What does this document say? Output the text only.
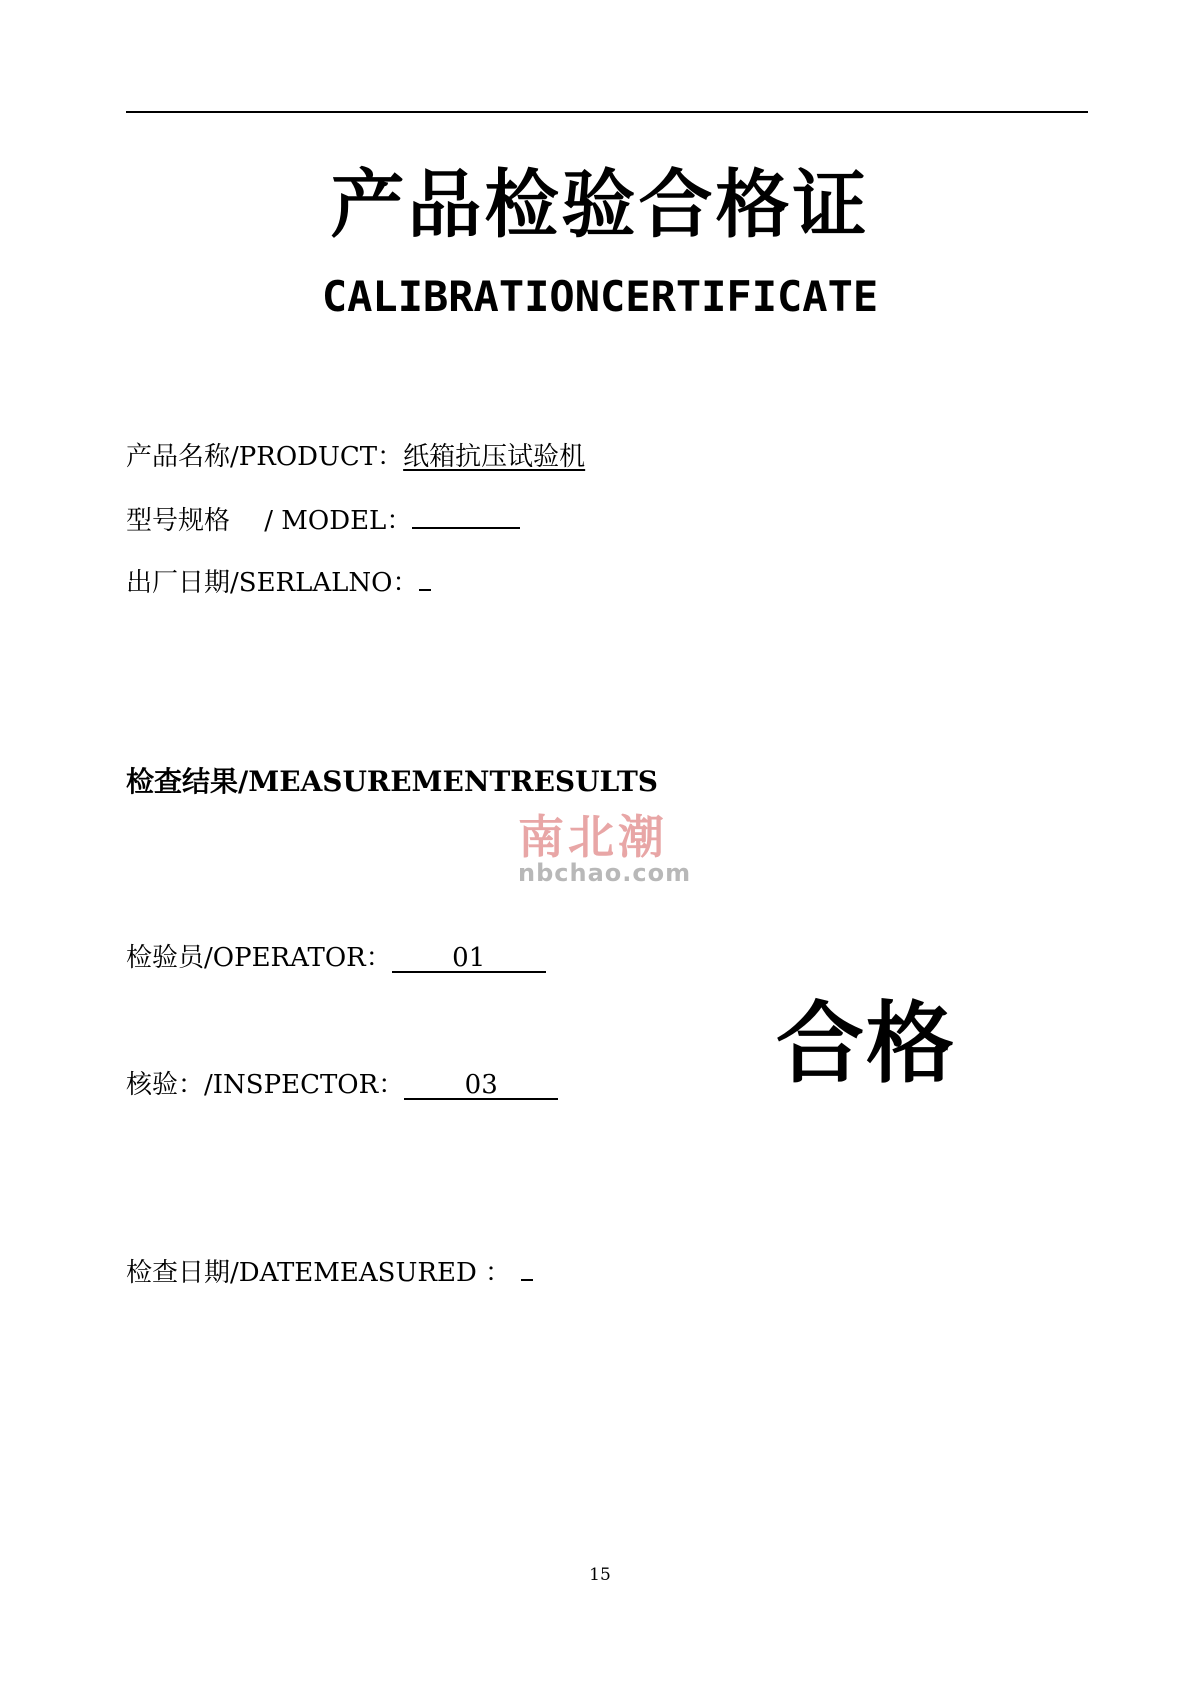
产品检验合格证
CALIBRATIONCERTIFICATE
产品名称/PRODUCT：纸箱抗压试验机
型号规格　 / MODEL：
出厂日期/SERLALNO：
检查结果/MEASUREMENTRESULTS
南北潮
nbchao.com
检验员/OPERATOR： 01
合格
核验：/INSPECTOR： 03
检查日期/DATEMEASURED ：
15
